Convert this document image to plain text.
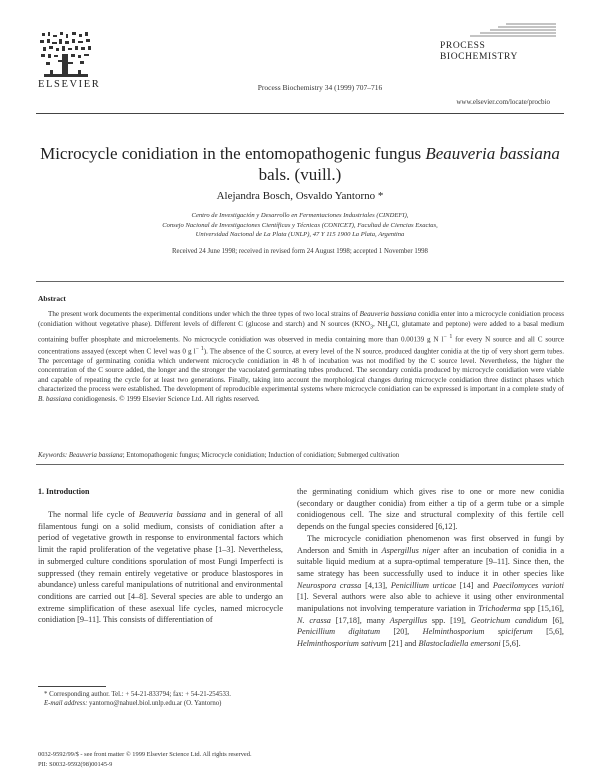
ELSEVIER	Process Biochemistry 34 (1999) 707–716
PROCESS
BIOCHEMISTRY
www.elsevier.com/locate/procbio
Microcycle conidiation in the entomopathogenic fungus Beauveria bassiana bals. (vuill.)
Alejandra Bosch, Osvaldo Yantorno *
Centro de Investigación y Desarrollo en Fermentaciones Industriales (CINDEFI),
Consejo Nacional de Investigaciones Científicas y Técnicas (CONICET), Facultad de Ciencias Exactas,
Universidad Nacional de La Plata (UNLP), 47 Y 115 1900 La Plata, Argentina
Received 24 June 1998; received in revised form 24 August 1998; accepted 1 November 1998
Abstract
The present work documents the experimental conditions under which the three types of two local strains of Beauveria bassiana conidia enter into a microcycle conidiation process (conidiation without vegetative phase). Different levels of different C (glucose and starch) and N sources ($KNO_3$, $NH_4Cl$, glutamate and peptone) were added to a basal medium containing buffer phosphate and microelements. No microcycle conidiation was observed in media containing more than 0.00139 g N $l^{- 1}$ for every N source and all C source concentrations assayed (except when C level was 0 g $l^{- 1}$). The absence of the C source, at every level of the N source, produced daughter conidia at the tip of very short germ tubes. The percentage of germinating conidia which underwent microcycle conidiation in 48 h of incubation was not modified by the C source level. Nevertheless, the higher the concentration of the C source added, the longer and the stronger the vacuolated germinating tubes produced. The secondary conidia produced by microcycle conidiation were viable and capable of repeating the cycle for at least two generations. Finally, taking into account the morphological changes during microcycle conidiation three distinct phases which characterized the process were established. The development of reproducible experimental systems where microcycle conidiation can be expressed is important in a complete study of B. bassiana conidiogenesis. © 1999 Elsevier Science Ltd. All rights reserved.
Keywords: Beauveria bassiana; Entomopathogenic fungus; Microcycle conidiation; Induction of conidiation; Submerged cultivation
1. Introduction
The normal life cycle of Beauveria bassiana and in general of all filamentous fungi on a solid medium, consists of conidiation after a period of vegetative growth in response to environmental factors which limit the rapid proliferation of the vegetative phase [1–3]. Nevertheless, in submerged culture conditions sporulation of most Fungi Imperfecti is suppressed (they remain entirely vegetative or produce blastospores in abundance) unless careful manipulations of nutritional and environmental conditions are carried out [4–8]. Several species are able to undergo an extreme simplification of these asexual life cycles, named microcycle conidiation [9–11]. This consists of differentiation of

the germinating conidium which gives rise to one or more new conidia (secondary or daugther conidia) from either a tip of a germ tube or a simple conidiogenous cell. The size and structural complexity of this fertile cell depends on the fungal species considered [6,12].

The microcycle conidiation phenomenon was first observed in fungi by Anderson and Smith in Aspergillus niger after an incubation of conidia in a suitable liquid medium at a supra-optimal temperature [9–11]. Since then, the same strategy has been successfully used to induce it in other species like Neurospora crassa [4,13], Penicillium urticae [14] and Paecilomyces varioti [1]. Several authors were also able to achieve it using other environmental manipulations not involving temperature variation in Trichoderma spp [15,16], N. crassa [17,18], many Aspergillus spp. [19], Geotrichum candidum [6], Penicillium digitatum [20], Helminthosporium spiciferum [5,6], Helminthosporium sativum [21] and Blastocladiella emersoni [5,6].

* Corresponding author. Tel.: + 54-21-833794; fax: + 54-21-254533.
E-mail address: yantorno@nahuel.biol.unlp.edu.ar (O. Yantorno)
0032-9592/99/$ - see front matter © 1999 Elsevier Science Ltd. All rights reserved.
PII: S0032-9592(98)00145-9
